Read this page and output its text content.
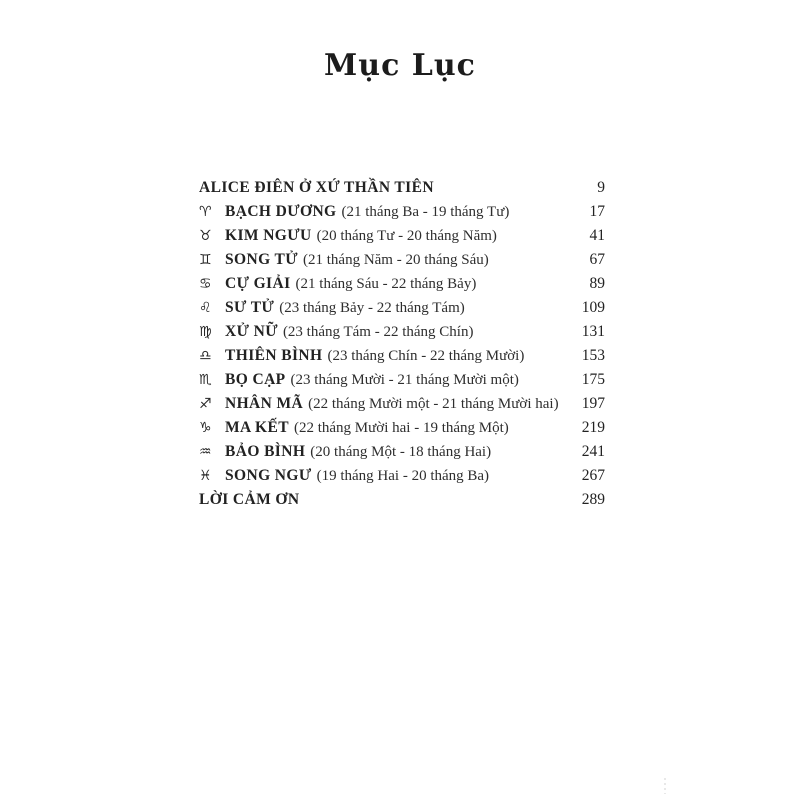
Mục Lục
ALICE ĐIÊN Ở XỨ THẦN TIÊN	9
♈ BẠCH DƯƠNG (21 tháng Ba - 19 tháng Tư)	17
♉ KIM NGƯU (20 tháng Tư - 20 tháng Năm)	41
♊ SONG TỬ (21 tháng Năm - 20 tháng Sáu)	67
♋ CỰ GIẢI (21 tháng Sáu - 22 tháng Bảy)	89
♌ SƯ TỬ (23 tháng Bảy - 22 tháng Tám)	109
♍ XỬ NỮ (23 tháng Tám - 22 tháng Chín)	131
♎ THIÊN BÌNH (23 tháng Chín - 22 tháng Mười)	153
♏ BỌ CẠP (23 tháng Mười - 21 tháng Mười một)	175
♐ NHÂN MÃ (22 tháng Mười một - 21 tháng Mười hai) 197
♑ MA KẾT (22 tháng Mười hai - 19 tháng Một)	219
♒ BẢO BÌNH (20 tháng Một - 18 tháng Hai)	241
♓ SONG NGƯ (19 tháng Hai - 20 tháng Ba)	267
LỜI CẢM ƠN	289
